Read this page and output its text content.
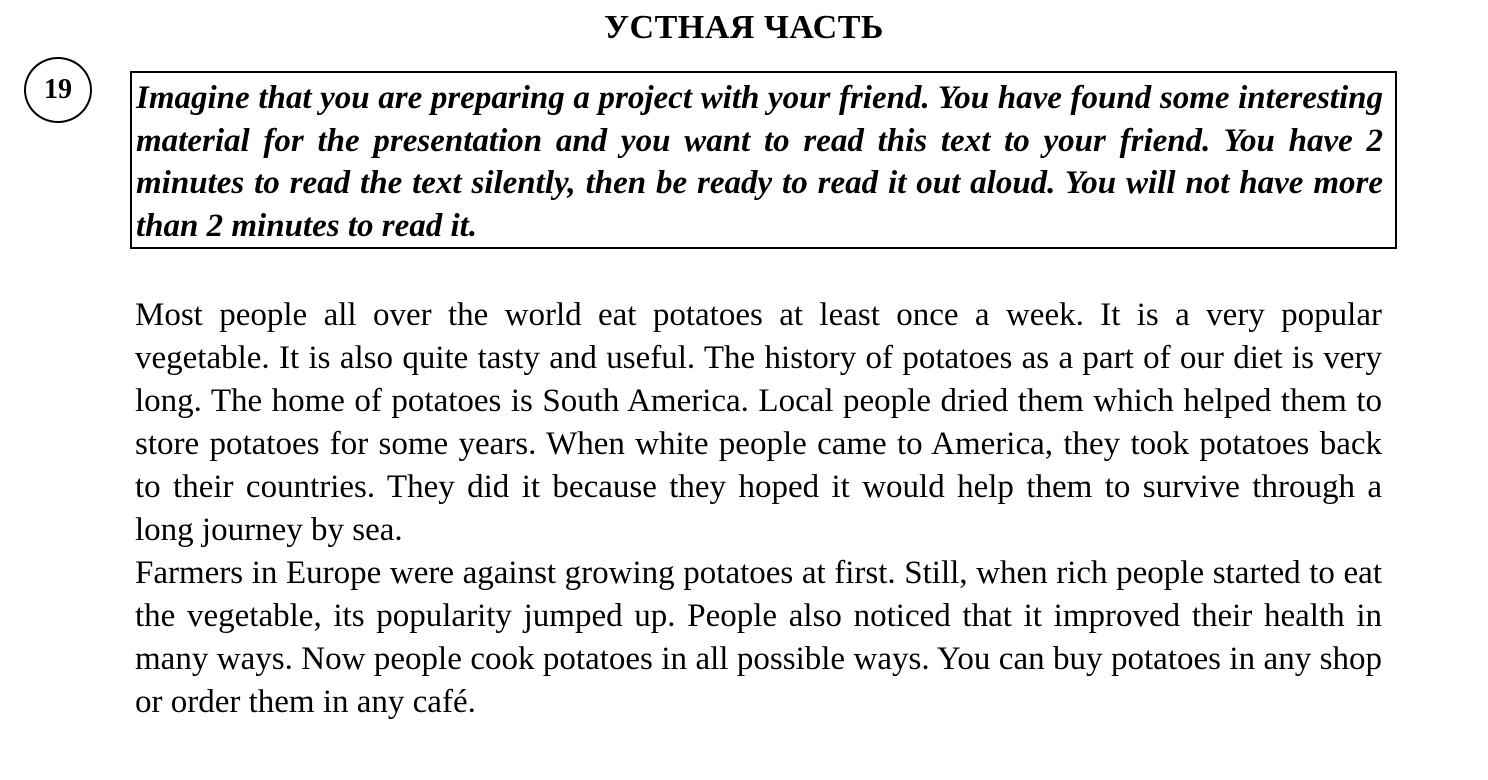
УСТНАЯ ЧАСТЬ
19 Imagine that you are preparing a project with your friend. You have found some interesting material for the presentation and you want to read this text to your friend. You have 2 minutes to read the text silently, then be ready to read it out aloud. You will not have more than 2 minutes to read it.

Most people all over the world eat potatoes at least once a week. It is a very popular vegetable. It is also quite tasty and useful. The history of potatoes as a part of our diet is very long. The home of potatoes is South America. Local people dried them which helped them to store potatoes for some years. When white people came to America, they took potatoes back to their countries. They did it because they hoped it would help them to survive through a long journey by sea.

Farmers in Europe were against growing potatoes at first. Still, when rich people started to eat the vegetable, its popularity jumped up. People also noticed that it improved their health in many ways. Now people cook potatoes in all possible ways. You can buy potatoes in any shop or order them in any café.
